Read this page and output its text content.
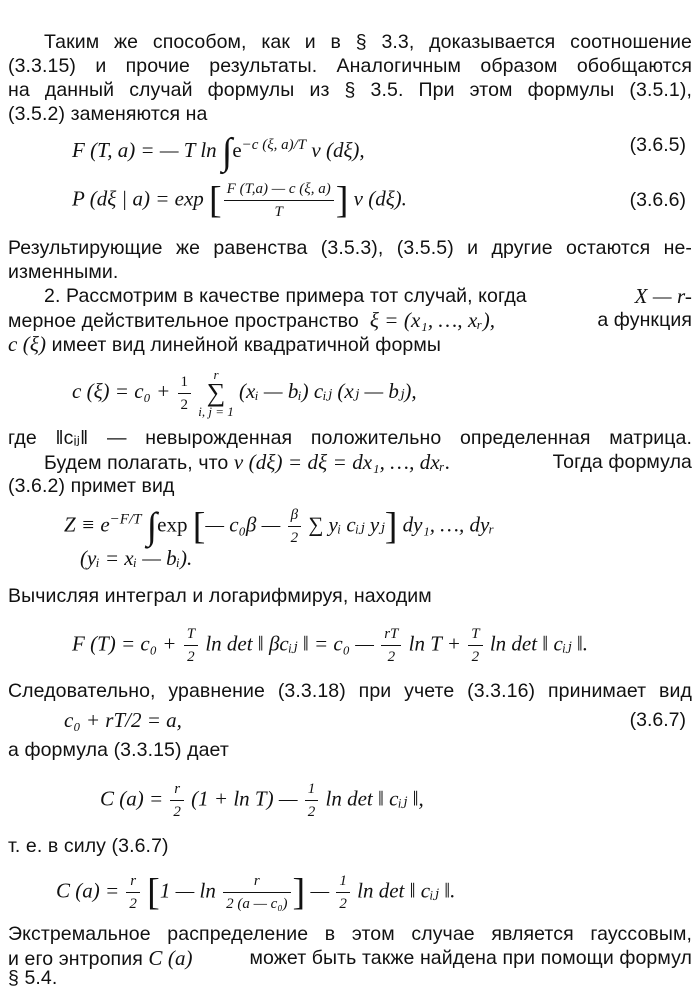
Таким же способом, как и в § 3.3, доказывается соотношение
(3.3.15) и прочие результаты. Аналогичным образом обобщаются
на данный случай формулы из § 3.5. При этом формулы (3.5.1),
(3.5.2) заменяются на
F (T, a) = — T $\ln \int e^{-c (\xi, a)/T}$ ν (dξ),	(3.6.5)
P (dξ | a) = exp [ $\frac{F (T,a) — c (\xi, a)}{T}$ ] ν (dξ).	(3.6.6)
Результирующие же равенства (3.5.3), (3.5.5) и другие остаются не-
изменными.
2. Рассмотрим в качестве примера тот случай, когда	X — r-
мерное действительное пространство ξ = (x₁, …, xᵣ),	а функция
c (ξ) имеет вид линейной квадратичной формы
c $(\xi) = c_0 + \frac{1}{2}$
	r
∑
i, j = 1
(xᵢ — bᵢ) cᵢⱼ (xⱼ — bⱼ),
где ‖cᵢⱼ‖ — невырожденная положительно определенная матрица.
Будем полагать, что ν (dξ) = dξ = dx₁, …, dxᵣ.	Тогда формула
(3.6.2) примет вид
$Z \equiv e^{-F/T}$ ∫exp [— c₀β — $\frac{\beta}{2}$ ∑ yᵢ cᵢⱼ yⱼ] dy₁, …, dyᵣ
(yᵢ = xᵢ — bᵢ).
Вычисляя интеграл и логарифмируя, находим
F $(T) = c_0 + \frac{T}{2}$ ln det ‖ βcᵢⱼ ‖ = c₀ — $\frac{rT}{2}$ $\ln T + \frac{T}{2}$ ln det ‖ cᵢⱼ ‖.
Следовательно, уравнение (3.3.18) при учете (3.3.16) принимает вид
c₀ + rT/2 = a,	(3.6.7)
а формула (3.3.15) дает
C $(a) = \frac{r}{2} (1 + \ln T)$ — $\frac{1}{2}$ ln det ‖ cᵢⱼ ‖,
т. е. в силу (3.6.7)
C $(a) = \frac{r}{2} [1$ — $\ln \frac{r}{\text{2 (a — c₀)}}$ ] — $\frac{1}{2}$ ln det ‖ cᵢⱼ ‖.
Экстремальное распределение в этом случае является гауссовым,
и его энтропия C (a)	может быть также найдена при помощи формул
§ 5.4.
